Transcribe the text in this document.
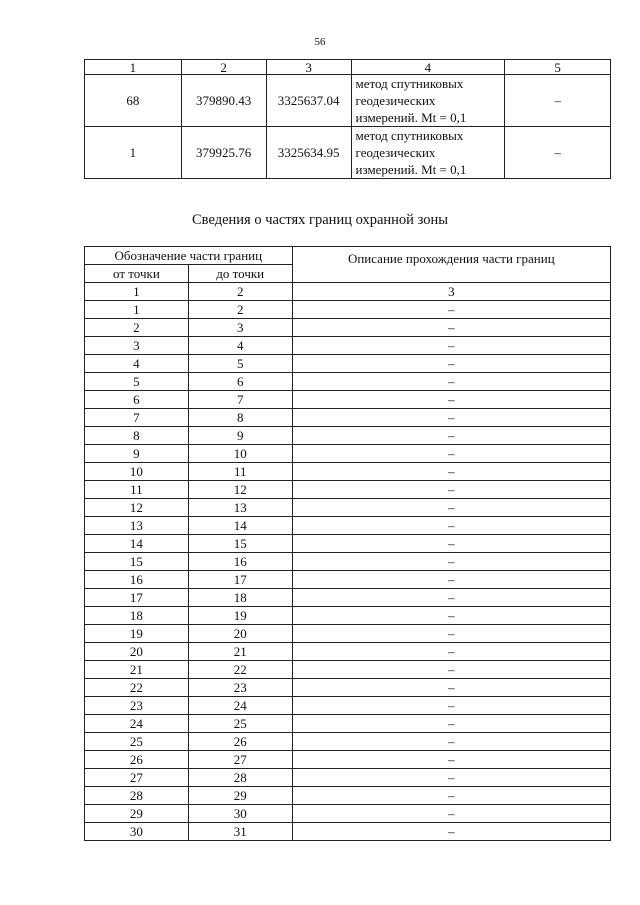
56
1	2	3	4	5
68	379890.43	3325637.04	метод спутниковых
геодезических
измерений. Mt = 0,1	–
1	379925.76	3325634.95	метод спутниковых
геодезических
измерений. Mt = 0,1	–
Сведения о частях границ охранной зоны
Обозначение части границ		Описание прохождения части границ
от точки	до точки	
1	2	3
1	2	–
2	3	–
3	4	–
4	5	–
5	6	–
6	7	–
7	8	–
8	9	–
9	10	–
10	11	–
11	12	–
12	13	–
13	14	–
14	15	–
15	16	–
16	17	–
17	18	–
18	19	–
19	20	–
20	21	–
21	22	–
22	23	–
23	24	–
24	25	–
25	26	–
26	27	–
27	28	–
28	29	–
29	30	–
30	31	–
